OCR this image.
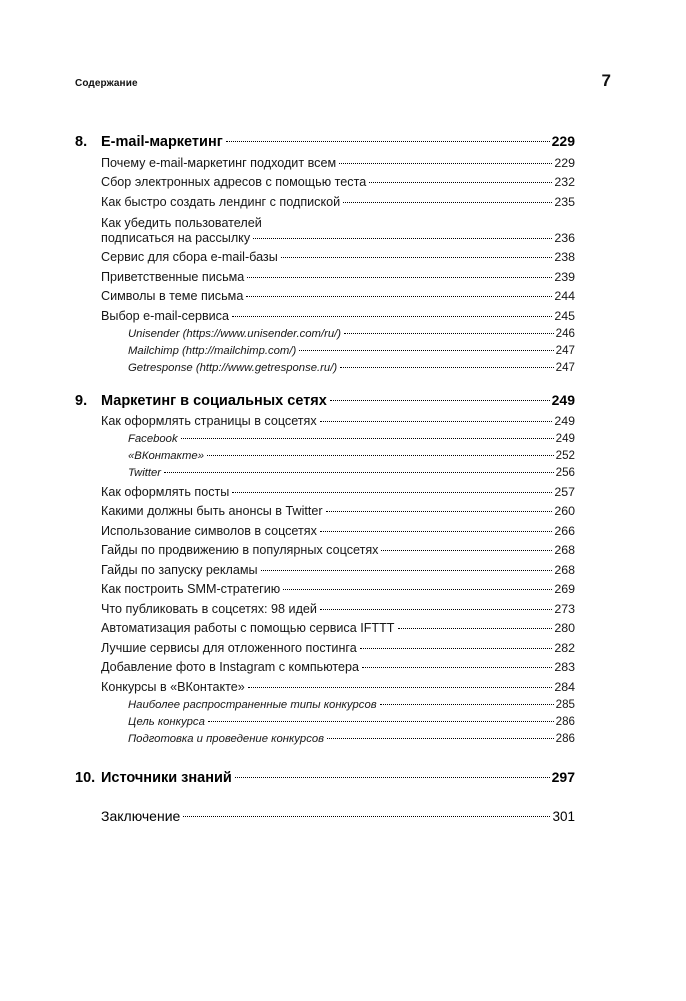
Содержание	7
8. E-mail-маркетинг	229
Почему e-mail-маркетинг подходит всем	229
Сбор электронных адресов с помощью теста	232
Как быстро создать лендинг с подпиской	235
Как убедить пользователей
подписаться на рассылку	236
Сервис для сбора e-mail-базы	238
Приветственные письма	239
Символы в теме письма	244
Выбор e-mail-сервиса	245
Unisender (https://www.unisender.com/ru/)	246
Mailchimp (http://mailchimp.com/)	247
Getresponse (http://www.getresponse.ru/)	247
9. Маркетинг в социальных сетях	249
Как оформлять страницы в соцсетях	249
Facebook	249
«ВКонтакте»	252
Twitter	256
Как оформлять посты	257
Какими должны быть анонсы в Twitter	260
Использование символов в соцсетях	266
Гайды по продвижению в популярных соцсетях	268
Гайды по запуску рекламы	268
Как построить SMM-стратегию	269
Что публиковать в соцсетях: 98 идей	273
Автоматизация работы с помощью сервиса IFTTT	280
Лучшие сервисы для отложенного постинга	282
Добавление фото в Instagram с компьютера	283
Конкурсы в «ВКонтакте»	284
Наиболее распространенные типы конкурсов	285
Цель конкурса	286
Подготовка и проведение конкурсов	286
10. Источники знаний	297
Заключение	301
